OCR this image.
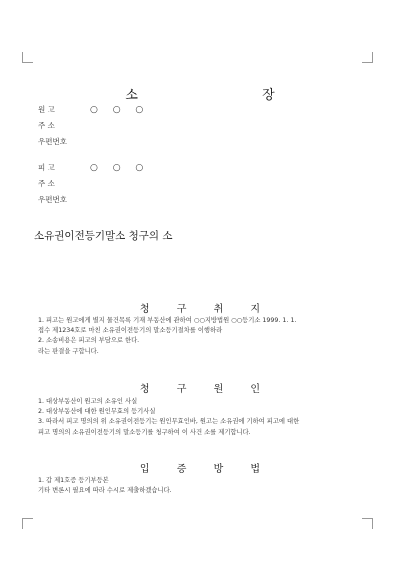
소 장
원 고	○ ○ ○
주 소
우편번호
피 고	○ ○ ○
주 소
우편번호
소유권이전등기말소 청구의 소
청 구 취 지

1. 피고는 원고에게 별지 물건목록 기재 부동산에 관하여 ○○지방법원 ○○등기소 1999. 1. 1.

접수 제1234호로 마친 소유권이전등기의 말소등기절차를 이행하라

2. 소송비용은 피고의 부담으로 한다.

라는 판결을 구합니다.

청 구 원 인

1. 대상부동산이 원고의 소유인 사실

2. 대상부동산에 대한 원인무효의 등기사실

3. 따라서 피고 명의의 위 소유권이전등기는 원인무효인바, 원고는 소유권에 기하여 피고에 대한

피고 명의의 소유권이전등기의 말소등기를 청구하여 이 사건 소를 제기합니다.

입 증 방 법

1. 갑 제1호증 등기부등본

기타 변론시 필요에 따라 수시로 제출하겠습니다.
